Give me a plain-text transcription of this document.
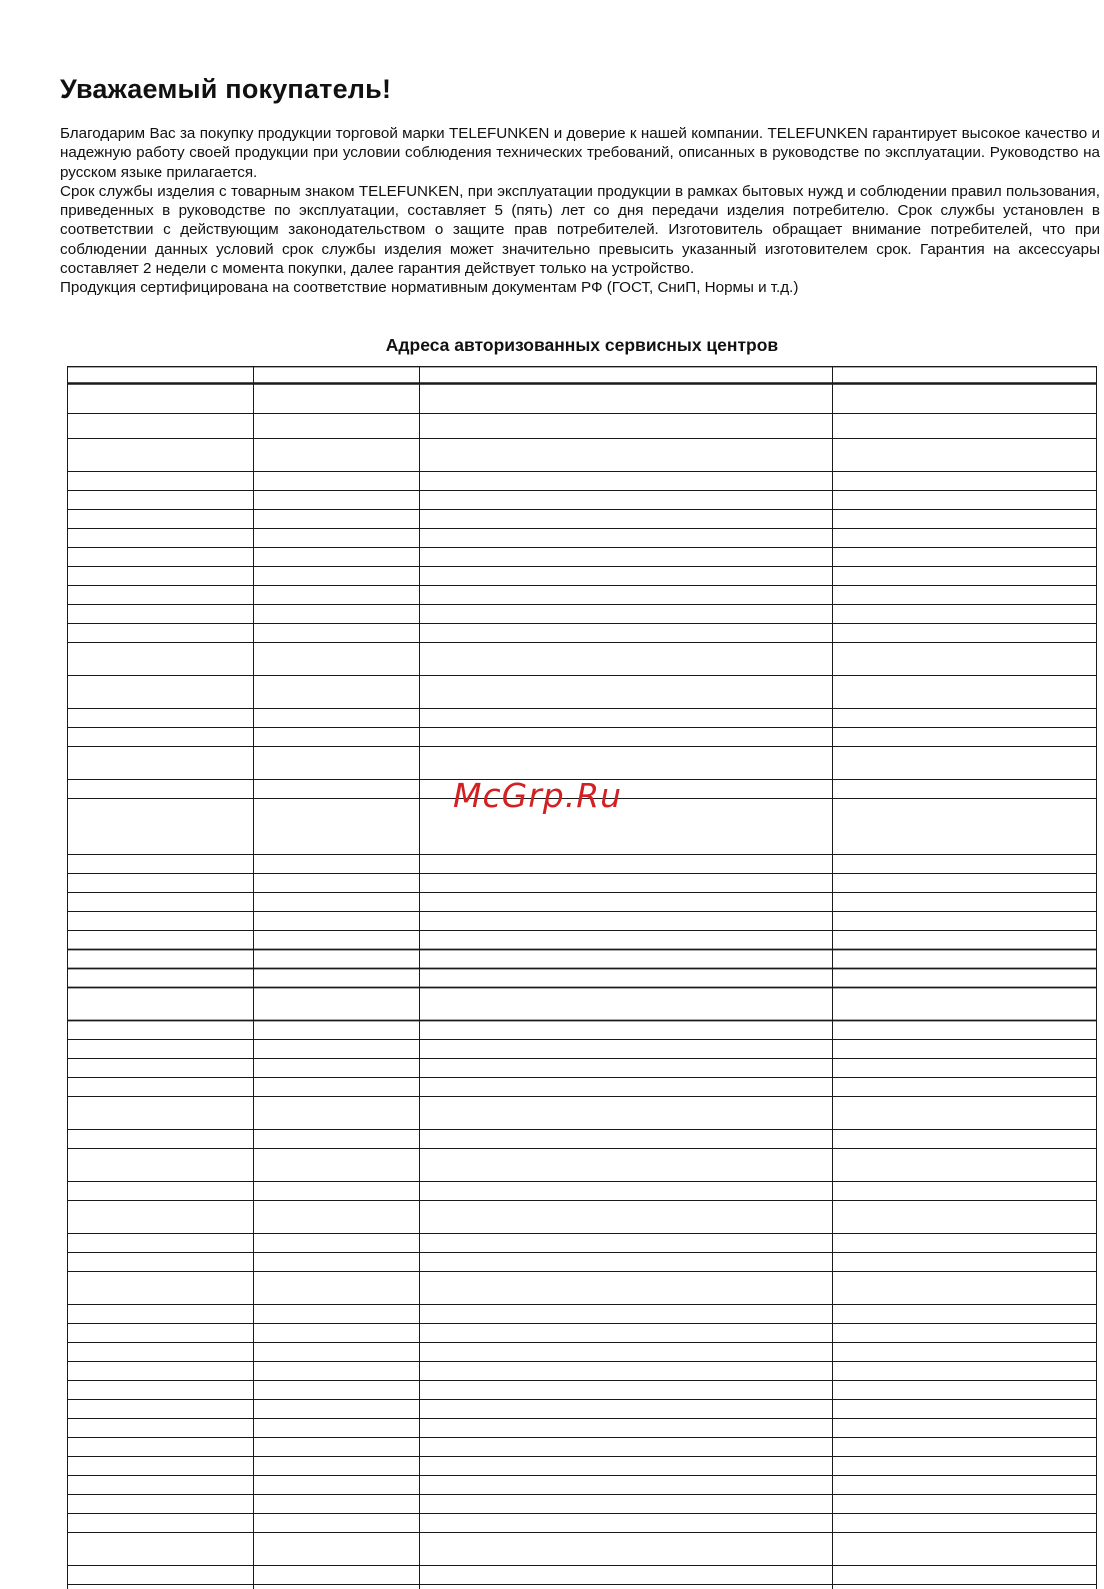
Уважаемый покупатель!

Благодарим Вас за покупку продукции торговой марки TELEFUNKEN и доверие к нашей компании. TELEFUNKEN гарантирует высокое качество и надежную работу своей продукции при условии соблюдения технических требований, описанных в руководстве по эксплуатации. Руководство на русском языке прилагается.

Срок службы изделия с товарным знаком TELEFUNKEN, при эксплуатации продукции в рамках бытовых нужд и соблюдении правил пользования, приведенных в руководстве по эксплуатации, составляет 5 (пять) лет со дня передачи изделия потребителю. Срок службы установлен в соответствии с действующим законодательством о защите прав потребителей. Изготовитель обращает внимание потребителей, что при соблюдении данных условий срок службы изделия может значительно превысить указанный изготовителем срок. Гарантия на аксессуары составляет 2 недели с момента покупки, далее гарантия действует только на устройство.

Продукция сертифицирована на соответствие нормативным документам РФ (ГОСТ, СниП, Нормы и т.д.)

Адреса авторизованных сервисных центров
McGrp.Ru
